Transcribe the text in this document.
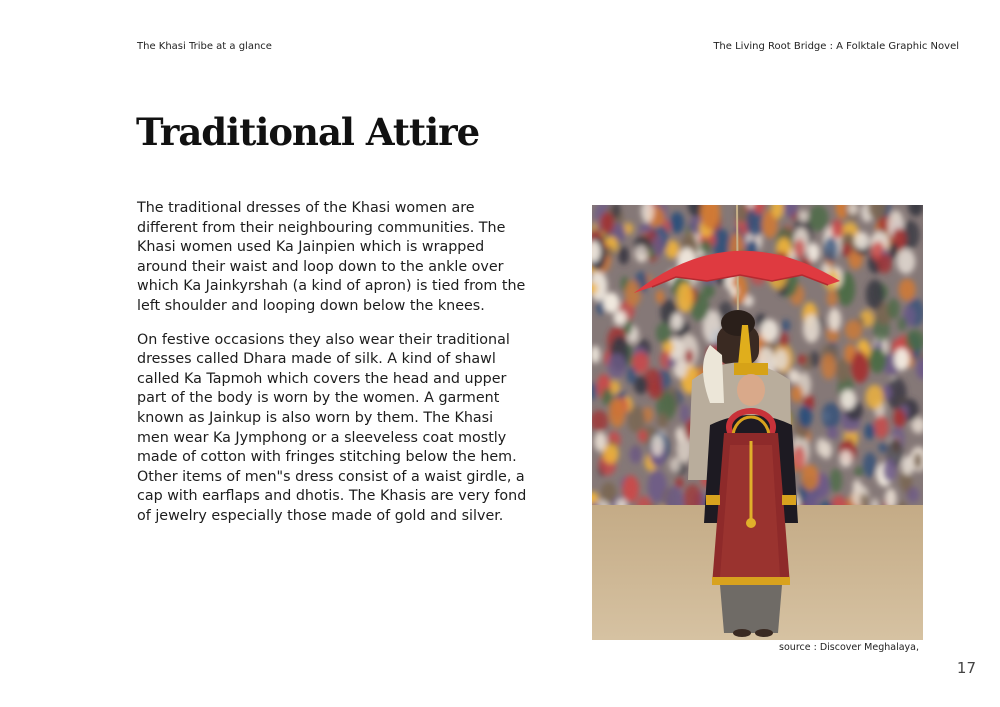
The Khasi Tribe at a glance	The Living Root Bridge : A Folktale Graphic Novel
Traditional Attire

The traditional dresses of the Khasi women are different from their neighbouring communities. The Khasi women used Ka Jainpien which is wrapped around their waist and loop down to the ankle over which Ka Jainkyrshah (a kind of apron) is tied from the left shoulder and looping down below the knees.

On festive occasions they also wear their traditional dresses called Dhara made of silk. A kind of shawl called Ka Tapmoh which covers the head and upper part of the body is worn by the women. A garment known as Jainkup is also worn by them. The Khasi men wear Ka Jymphong or a sleeveless coat mostly made of cotton with fringes stitching below the hem. Other items of men"s dress consist of a waist girdle, a cap with earflaps and dhotis. The Khasis are very fond of jewelry especially those made of gold and silver.

source : Discover Meghalaya,
17
